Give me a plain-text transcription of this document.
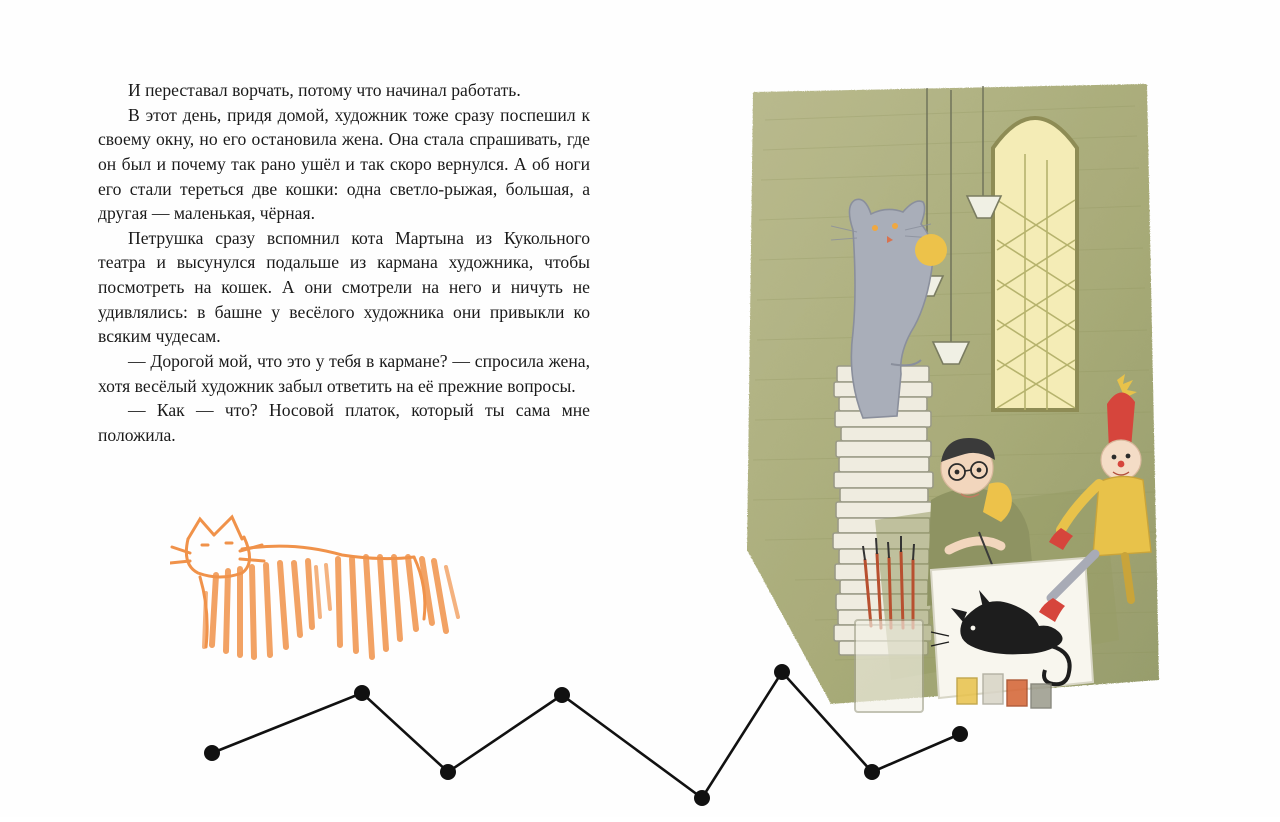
И переставал ворчать, потому что начинал работать.

В этот день, придя домой, художник тоже сразу поспешил к своему окну, но его остановила жена. Она стала спрашивать, где он был и почему так рано ушёл и так скоро вернулся. А об ноги его стали тереться две кошки: одна светло-рыжая, большая, а другая — маленькая, чёрная.

Петрушка сразу вспомнил кота Мартына из Кукольного театра и высунулся подальше из кармана художника, чтобы посмотреть на кошек. А они смотрели на него и ничуть не удивлялись: в башне у весёлого художника они привыкли ко всяким чудесам.

— Дорогой мой, что это у тебя в кармане? — спросила жена, хотя весёлый художник забыл ответить на её прежние вопросы.

— Как — что? Носовой платок, который ты сама мне положила.
